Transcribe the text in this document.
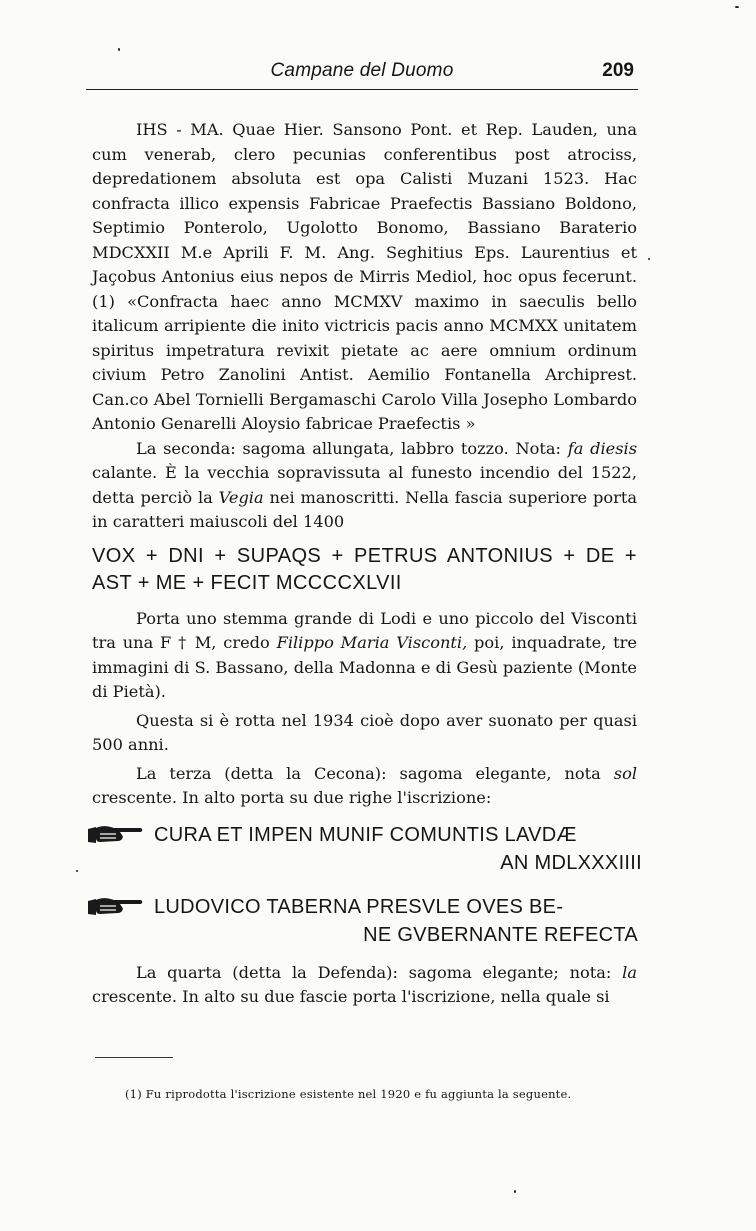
Campane del Duomo	209

IHS - MA. Quae Hier. Sansono Pont. et Rep. Lauden, una cum venerab, clero pecunias conferentibus post atrociss, depredationem absoluta est opa Calisti Muzani 1523. Hac confracta illico expensis Fabricae Praefectis Bassiano Boldono, Septimio Ponterolo, Ugolotto Bonomo, Bassiano Baraterio MDCXXII M.e Aprili F. M. Ang. Seghitius Eps. Laurentius et Jaçobus Antonius eius nepos de Mirris Mediol, hoc opus fecerunt. (1) «Confracta haec anno MCMXV maximo in saeculis bello italicum arripiente die inito victricis pacis anno MCMXX unitatem spiritus impetratura revixit pietate ac aere omnium ordinum civium Petro Zanolini Antist. Aemilio Fontanella Archiprest. Can.co Abel Tornielli Bergamaschi Carolo Villa Josepho Lombardo Antonio Genarelli Aloysio fabricae Praefectis »

La seconda: sagoma allungata, labbro tozzo. Nota: fa diesis calante. È la vecchia sopravissuta al funesto incendio del 1522, detta perciò la Vegia nei manoscritti. Nella fascia superiore porta in caratteri maiuscoli del 1400

VOX + DNI + SUPAQS + PETRUS ANTONIUS + DE + AST + ME + FECIT MCCCCXLVII

Porta uno stemma grande di Lodi e uno piccolo del Visconti tra una F † M, credo Filippo Maria Visconti, poi, inquadrate, tre immagini di S. Bassano, della Madonna e di Gesù paziente (Monte di Pietà).

Questa si è rotta nel 1934 cioè dopo aver suonato per quasi 500 anni.

La terza (detta la Cecona): sagoma elegante, nota sol crescente. In alto porta su due righe l'iscrizione:

CURA ET IMPEN MUNIF COMUNTIS LAVDÆ
AN MDLXXXIIII
LUDOVICO TABERNA PRESVLE OVES BE-
NE GVBERNANTE REFECTA

La quarta (detta la Defenda): sagoma elegante; nota: la crescente. In alto su due fascie porta l'iscrizione, nella quale si

(1) Fu riprodotta l'iscrizione esistente nel 1920 e fu aggiunta la seguente.
